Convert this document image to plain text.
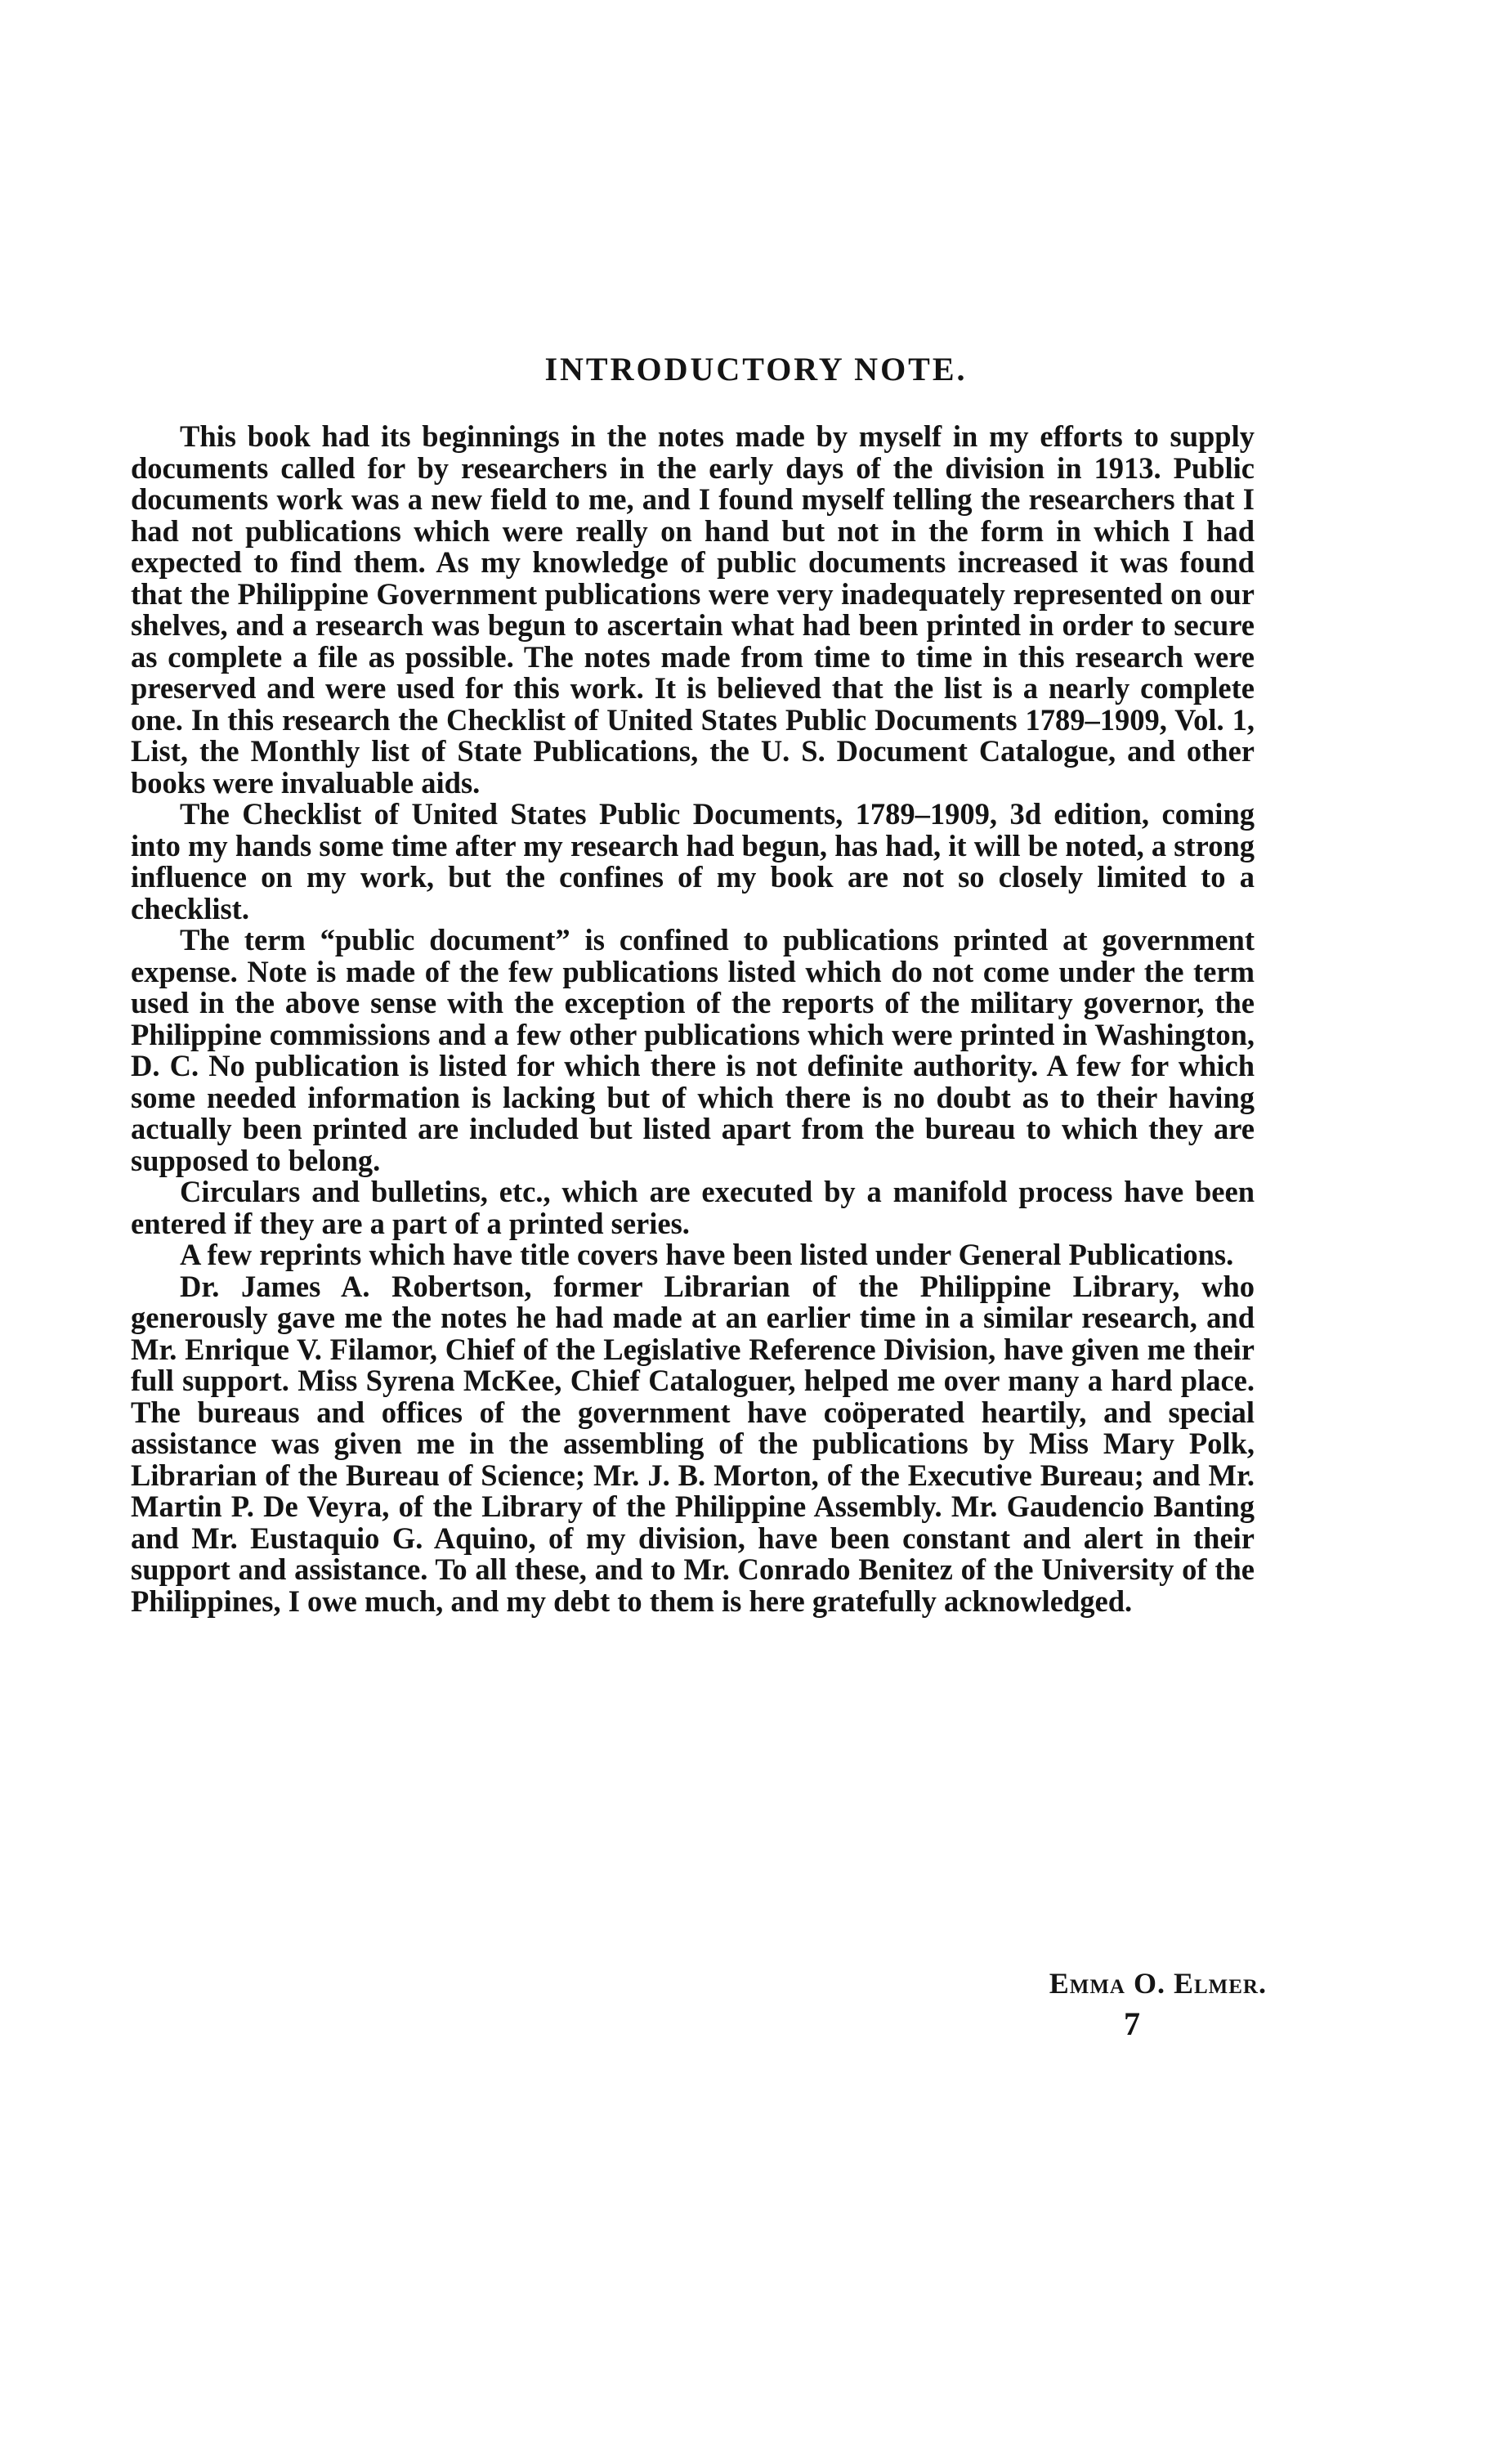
INTRODUCTORY NOTE.

This book had its beginnings in the notes made by myself in my efforts to supply documents called for by researchers in the early days of the division in 1913. Public documents work was a new field to me, and I found myself telling the researchers that I had not publications which were really on hand but not in the form in which I had expected to find them. As my knowledge of public documents increased it was found that the Philippine Government publications were very inadequately represented on our shelves, and a research was begun to ascertain what had been printed in order to secure as complete a file as possible. The notes made from time to time in this research were preserved and were used for this work. It is believed that the list is a nearly complete one. In this research the Checklist of United States Public Documents 1789–1909, Vol. 1, List, the Monthly list of State Publications, the U. S. Document Catalogue, and other books were invaluable aids.

The Checklist of United States Public Documents, 1789–1909, 3d edition, coming into my hands some time after my research had begun, has had, it will be noted, a strong influence on my work, but the confines of my book are not so closely limited to a checklist.

The term “public document” is confined to publications printed at government expense. Note is made of the few publications listed which do not come under the term used in the above sense with the exception of the reports of the military governor, the Philippine commissions and a few other publications which were printed in Washington, D. C. No publication is listed for which there is not definite authority. A few for which some needed information is lacking but of which there is no doubt as to their having actually been printed are included but listed apart from the bureau to which they are supposed to belong.

Circulars and bulletins, etc., which are executed by a manifold process have been entered if they are a part of a printed series.

A few reprints which have title covers have been listed under General Publications.

Dr. James A. Robertson, former Librarian of the Philippine Library, who generously gave me the notes he had made at an earlier time in a similar research, and Mr. Enrique V. Filamor, Chief of the Legislative Reference Division, have given me their full support. Miss Syrena McKee, Chief Cataloguer, helped me over many a hard place. The bureaus and offices of the government have coöperated heartily, and special assistance was given me in the assembling of the publications by Miss Mary Polk, Librarian of the Bureau of Science; Mr. J. B. Morton, of the Executive Bureau; and Mr. Martin P. De Veyra, of the Library of the Philippine Assembly. Mr. Gaudencio Banting and Mr. Eustaquio G. Aquino, of my division, have been constant and alert in their support and assistance. To all these, and to Mr. Conrado Benitez of the University of the Philippines, I owe much, and my debt to them is here gratefully acknowledged.

Emma O. Elmer.

7
